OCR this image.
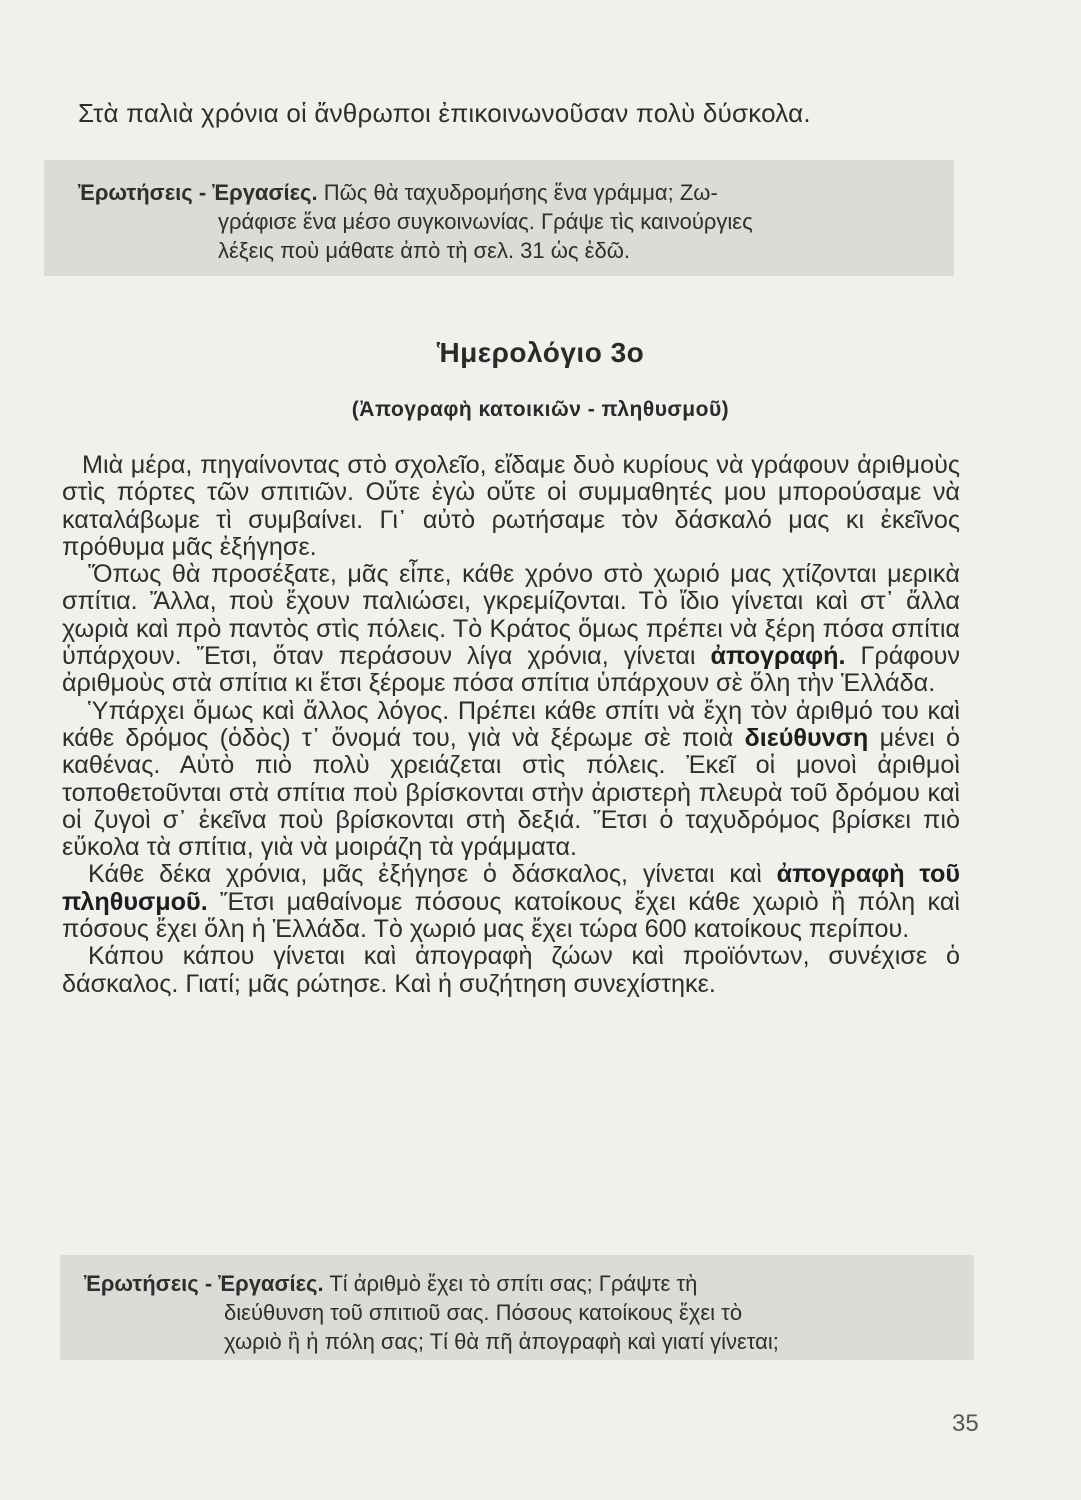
Στὰ παλιὰ χρόνια οἱ ἄνθρωποι ἐπικοινωνοῦσαν πολὺ δύσκολα.
Ἐρωτήσεις - Ἐργασίες. Πῶς θὰ ταχυδρομήσης ἕνα γράμμα; Ζω-
γράφισε ἕνα μέσο συγκοινωνίας. Γράψε τὶς καινούργιες
λέξεις ποὺ μάθατε ἀπὸ τὴ σελ. 31 ὡς ἐδῶ.
Ἡμερολόγιο 3ο
(Ἀπογραφὴ κατοικιῶν - πληθυσμοῦ)

Μιὰ μέρα, πηγαίνοντας στὸ σχολεῖο, εἴδαμε δυὸ κυρίους νὰ γράφουν ἀριθμοὺς στὶς πόρτες τῶν σπιτιῶν. Οὔτε ἐγὼ οὔτε οἱ συμμαθητές μου μπορούσαμε νὰ καταλάβωμε τὶ συμβαίνει. Γι᾽ αὐτὸ ρωτήσαμε τὸν δάσκαλό μας κι ἐκεῖνος πρόθυμα μᾶς ἐξήγησε.

Ὅπως θὰ προσέξατε, μᾶς εἶπε, κάθε χρόνο στὸ χωριό μας χτίζονται μερικὰ σπίτια. Ἄλλα, ποὺ ἔχουν παλιώσει, γκρεμίζονται. Τὸ ἴδιο γίνεται καὶ στ᾽ ἄλλα χωριὰ καὶ πρὸ παντὸς στὶς πόλεις. Τὸ Κράτος ὅμως πρέπει νὰ ξέρη πόσα σπίτια ὑπάρχουν. Ἔτσι, ὅταν περάσουν λίγα χρόνια, γίνεται ἀπογραφή. Γράφουν ἀριθμοὺς στὰ σπίτια κι ἔτσι ξέρομε πόσα σπίτια ὑπάρχουν σὲ ὅλη τὴν Ἑλλάδα.

Ὑπάρχει ὅμως καὶ ἄλλος λόγος. Πρέπει κάθε σπίτι νὰ ἔχη τὸν ἀριθμό του καὶ κάθε δρόμος (ὁδὸς) τ᾽ ὄνομά του, γιὰ νὰ ξέρωμε σὲ ποιὰ διεύθυνση μένει ὁ καθένας. Αὐτὸ πιὸ πολὺ χρειάζεται στὶς πόλεις. Ἐκεῖ οἱ μονοὶ ἀριθμοὶ τοποθετοῦνται στὰ σπίτια ποὺ βρίσκονται στὴν ἀριστερὴ πλευρὰ τοῦ δρόμου καὶ οἱ ζυγοὶ σ᾽ ἐκεῖνα ποὺ βρίσκονται στὴ δεξιά. Ἔτσι ὁ ταχυδρόμος βρίσκει πιὸ εὔκολα τὰ σπίτια, γιὰ νὰ μοιράζη τὰ γράμματα.

Κάθε δέκα χρόνια, μᾶς ἐξήγησε ὁ δάσκαλος, γίνεται καὶ ἀπογραφὴ τοῦ πληθυσμοῦ. Ἔτσι μαθαίνομε πόσους κατοίκους ἔχει κάθε χωριὸ ἢ πόλη καὶ πόσους ἔχει ὅλη ἡ Ἑλλάδα. Τὸ χωριό μας ἔχει τώρα 600 κατοίκους περίπου.

Κάπου κάπου γίνεται καὶ ἀπογραφὴ ζώων καὶ προϊόντων, συνέχισε ὁ δάσκαλος. Γιατί; μᾶς ρώτησε. Καὶ ἡ συζήτηση συνεχίστηκε.

Ἐρωτήσεις - Ἐργασίες. Τί ἀριθμὸ ἔχει τὸ σπίτι σας; Γράψτε τὴ
διεύθυνση τοῦ σπιτιοῦ σας. Πόσους κατοίκους ἔχει τὸ
χωριὸ ἢ ἡ πόλη σας; Τί θὰ πῆ ἀπογραφὴ καὶ γιατί γίνεται;
35
